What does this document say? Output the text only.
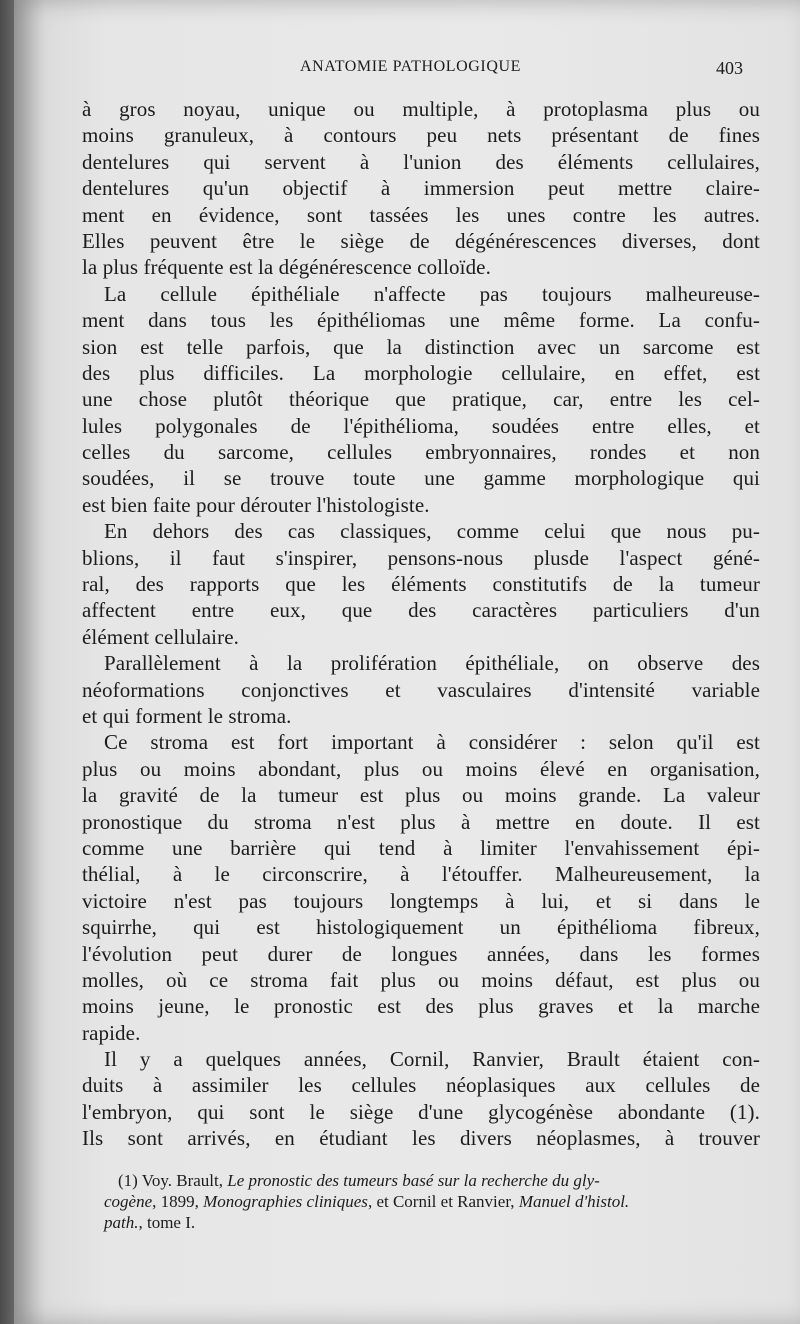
ANATOMIE PATHOLOGIQUE	403
à gros noyau, unique ou multiple, à protoplasma plus ou
moins granuleux, à contours peu nets présentant de fines
dentelures qui servent à l'union des éléments cellulaires,
dentelures qu'un objectif à immersion peut mettre claire-
ment en évidence, sont tassées les unes contre les autres.
Elles peuvent être le siège de dégénérescences diverses, dont
la plus fréquente est la dégénérescence colloïde.
La cellule épithéliale n'affecte pas toujours malheureuse-
ment dans tous les épithéliomas une même forme. La confu-
sion est telle parfois, que la distinction avec un sarcome est
des plus difficiles. La morphologie cellulaire, en effet, est
une chose plutôt théorique que pratique, car, entre les cel-
lules polygonales de l'épithélioma, soudées entre elles, et
celles du sarcome, cellules embryonnaires, rondes et non
soudées, il se trouve toute une gamme morphologique qui
est bien faite pour dérouter l'histologiste.
En dehors des cas classiques, comme celui que nous pu-
blions, il faut s'inspirer, pensons-nous plusde l'aspect géné-
ral, des rapports que les éléments constitutifs de la tumeur
affectent entre eux, que des caractères particuliers d'un
élément cellulaire.
Parallèlement à la prolifération épithéliale, on observe des
néoformations conjonctives et vasculaires d'intensité variable
et qui forment le stroma.
Ce stroma est fort important à considérer : selon qu'il est
plus ou moins abondant, plus ou moins élevé en organisation,
la gravité de la tumeur est plus ou moins grande. La valeur
pronostique du stroma n'est plus à mettre en doute. Il est
comme une barrière qui tend à limiter l'envahissement épi-
thélial, à le circonscrire, à l'étouffer. Malheureusement, la
victoire n'est pas toujours longtemps à lui, et si dans le
squirrhe, qui est histologiquement un épithélioma fibreux,
l'évolution peut durer de longues années, dans les formes
molles, où ce stroma fait plus ou moins défaut, est plus ou
moins jeune, le pronostic est des plus graves et la marche
rapide.
Il y a quelques années, Cornil, Ranvier, Brault étaient con-
duits à assimiler les cellules néoplasiques aux cellules de
l'embryon, qui sont le siège d'une glycogénèse abondante (1).
Ils sont arrivés, en étudiant les divers néoplasmes, à trouver
(1) Voy. Brault, Le pronostic des tumeurs basé sur la recherche du gly-
cogène, 1899, Monographies cliniques, et Cornil et Ranvier, Manuel d'histol.
path., tome I.
